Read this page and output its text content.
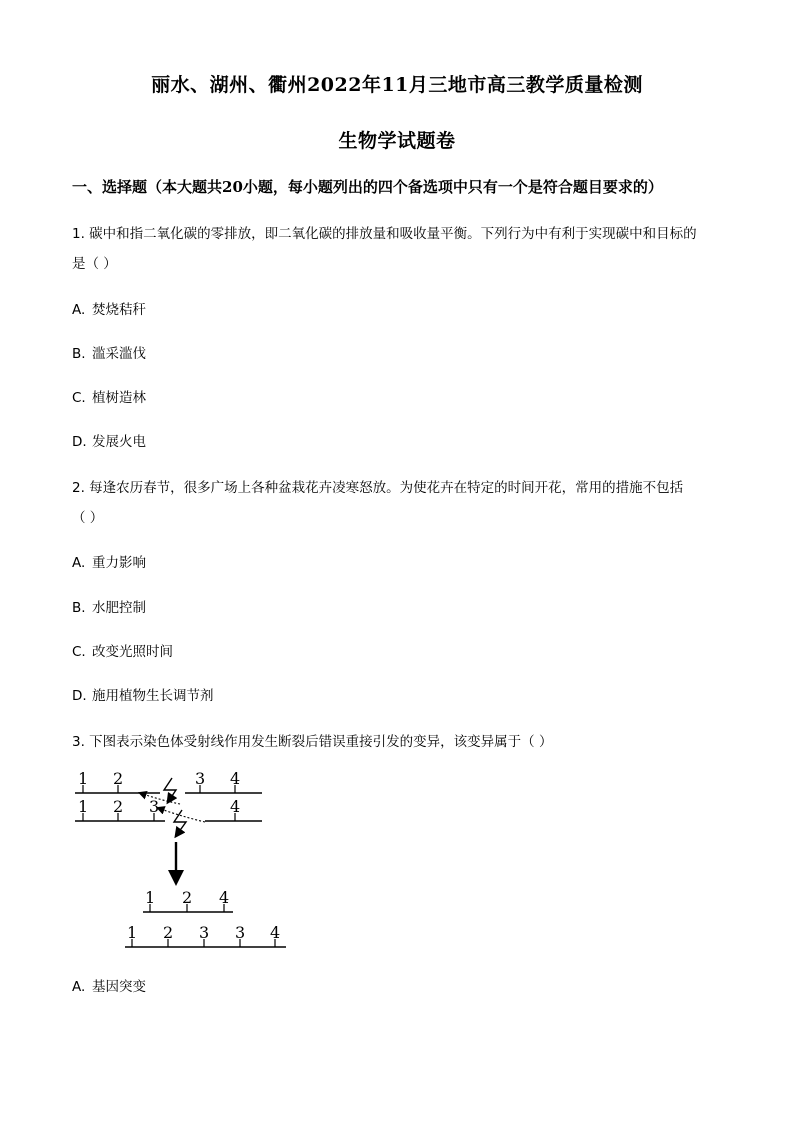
丽水、湖州、衢州2022年11月三地市高三教学质量检测
生物学试题卷
一、选择题（本大题共20小题，每小题列出的四个备选项中只有一个是符合题目要求的）
1. 碳中和指二氧化碳的零排放，即二氧化碳的排放量和吸收量平衡。下列行为中有利于实现碳中和目标的
是（ ）
A. 焚烧秸秆
B. 滥采滥伐
C. 植树造林
D. 发展火电
2. 每逢农历春节，很多广场上各种盆栽花卉凌寒怒放。为使花卉在特定的时间开花，常用的措施不包括
（ ）
A. 重力影响
B. 水肥控制
C. 改变光照时间
D. 施用植物生长调节剂
3. 下图表示染色体受射线作用发生断裂后错误重接引发的变异，该变异属于（ ）
1 2	3 4
1 2 3	4
1 2 4
1 2 3 3 4
A. 基因突变
